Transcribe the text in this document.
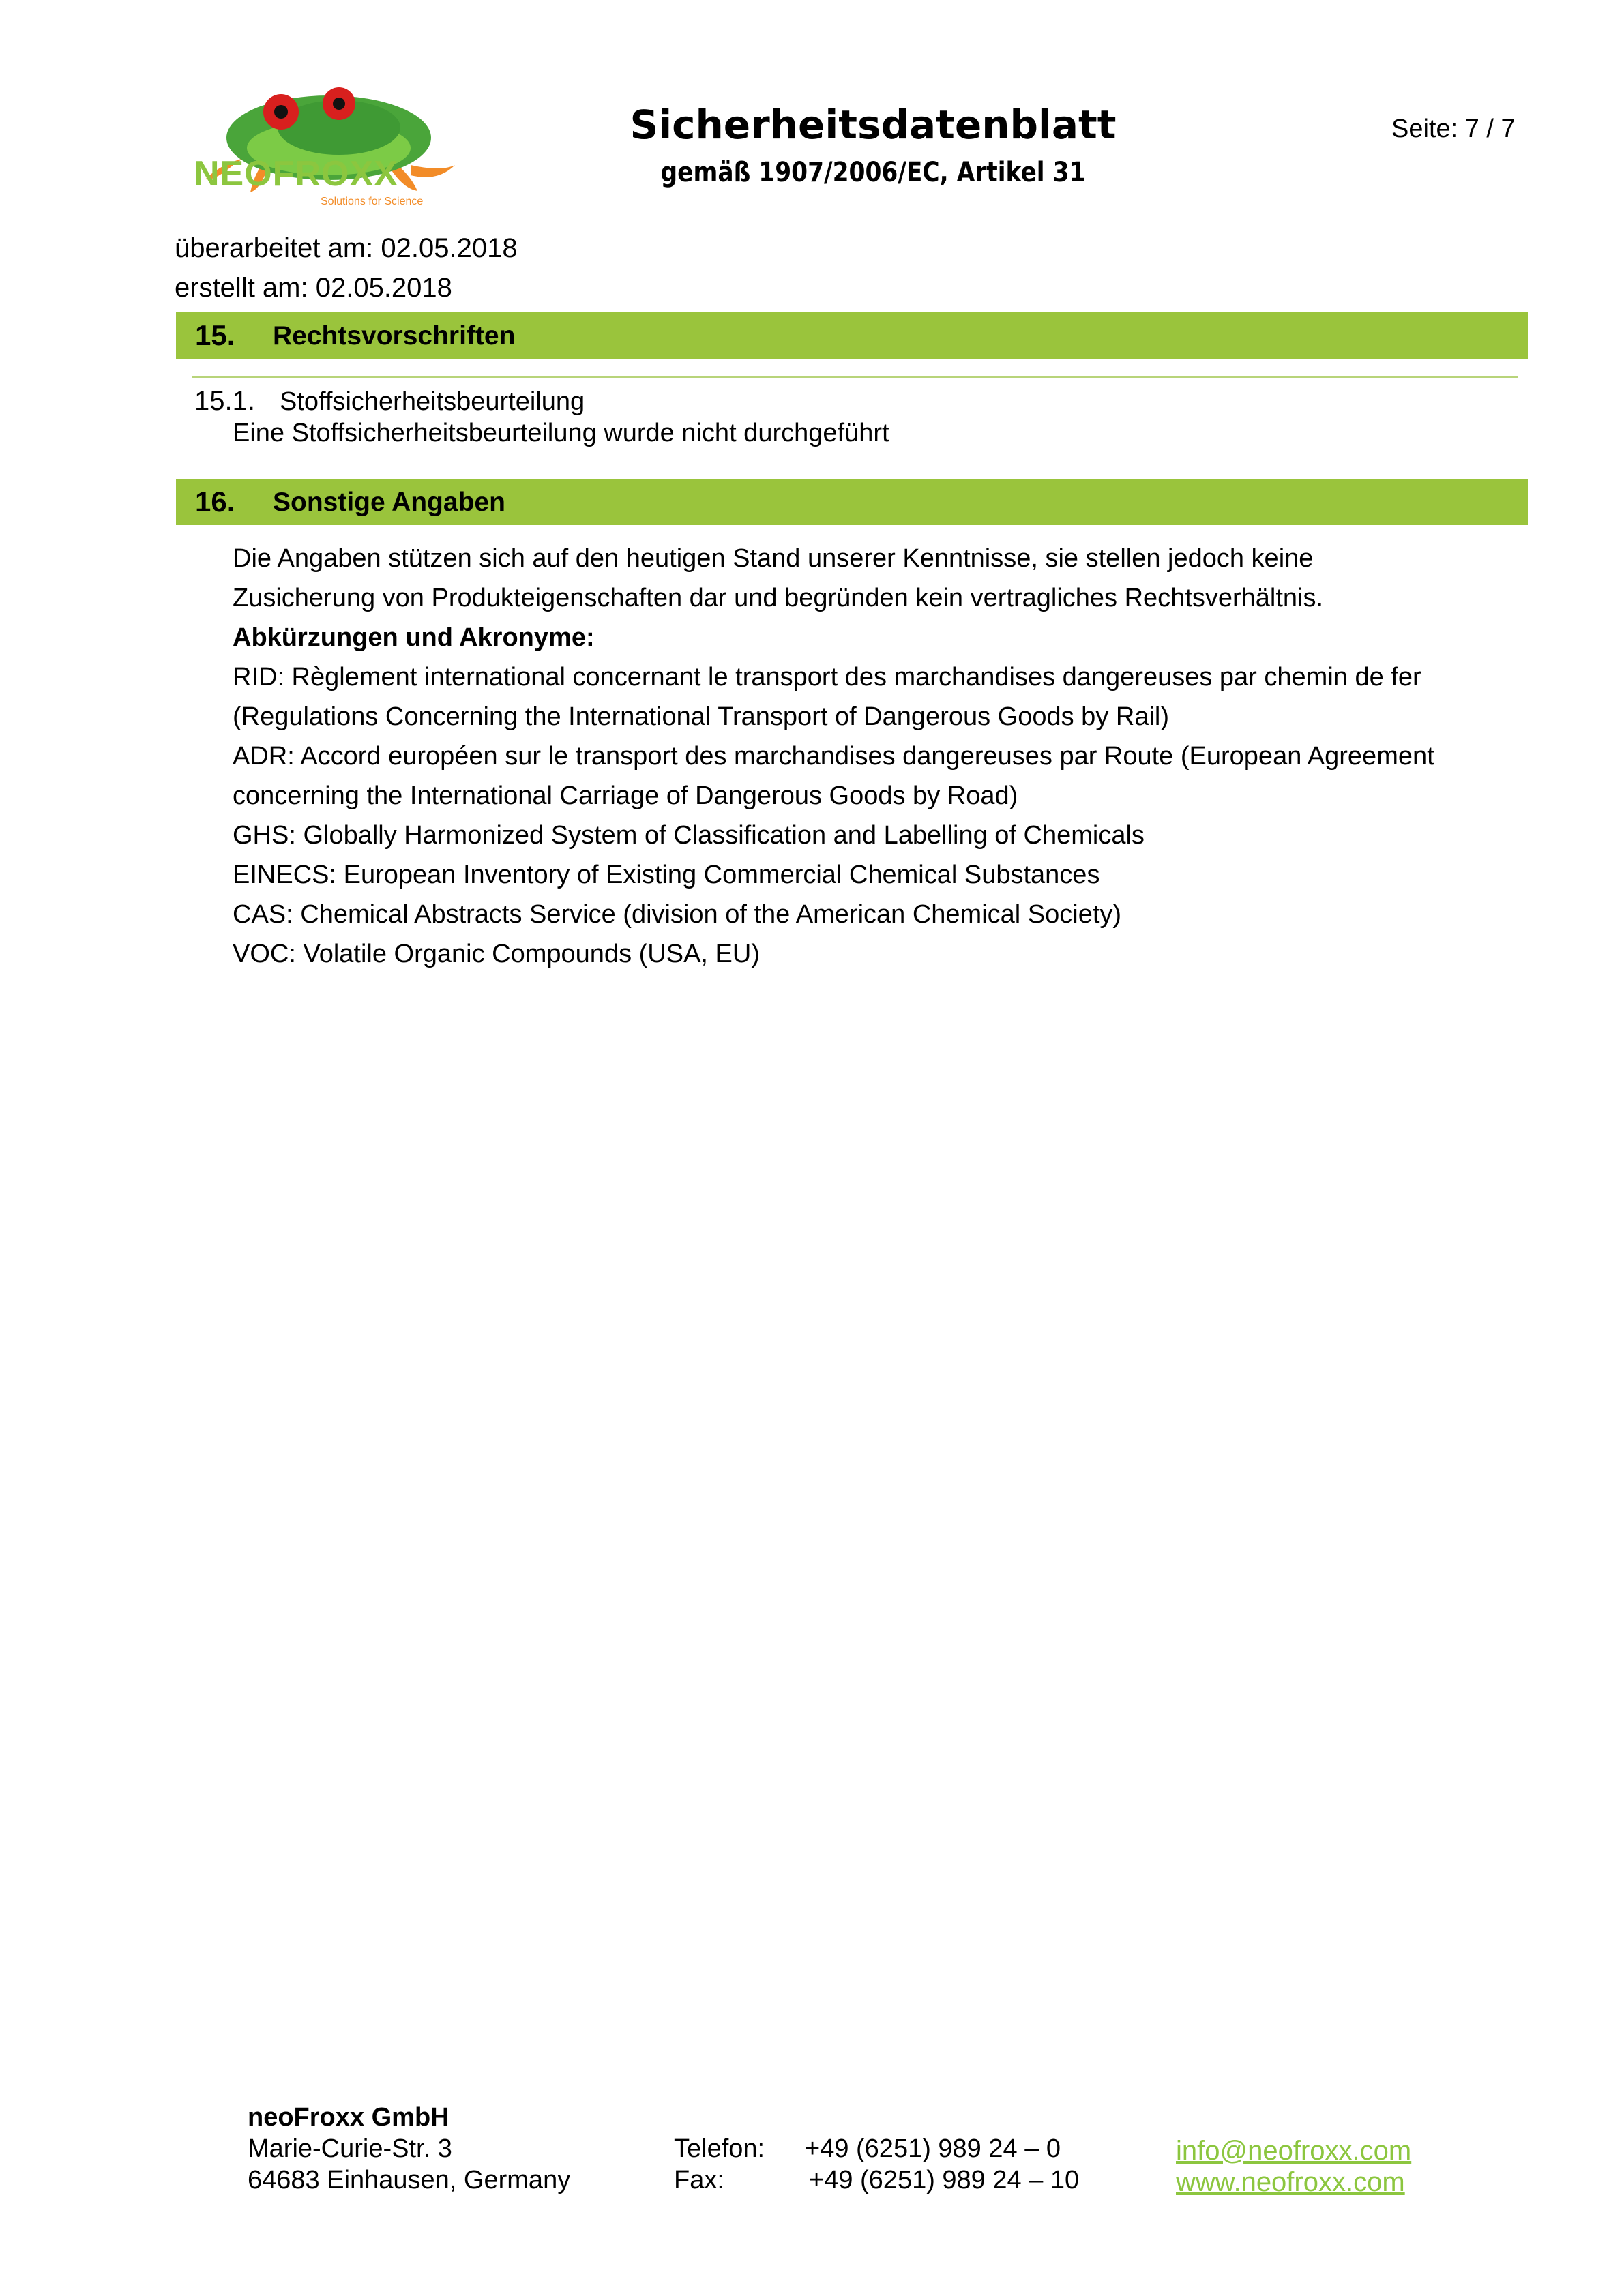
NEOFROXX
Solutions for Science
Sicherheitsdatenblatt
gemäß 1907/2006/EC, Artikel 31
Seite: 7 / 7
überarbeitet am: 02.05.2018
erstellt am: 02.05.2018
15. Rechtsvorschriften
15.1. Stoffsicherheitsbeurteilung
Eine Stoffsicherheitsbeurteilung wurde nicht durchgeführt
16. Sonstige Angaben
Die Angaben stützen sich auf den heutigen Stand unserer Kenntnisse, sie stellen jedoch keine
Zusicherung von Produkteigenschaften dar und begründen kein vertragliches Rechtsverhältnis.
Abkürzungen und Akronyme:
RID: Règlement international concernant le transport des marchandises dangereuses par chemin de fer
(Regulations Concerning the International Transport of Dangerous Goods by Rail)
ADR: Accord européen sur le transport des marchandises dangereuses par Route (European Agreement
concerning the International Carriage of Dangerous Goods by Road)
GHS: Globally Harmonized System of Classification and Labelling of Chemicals
EINECS: European Inventory of Existing Commercial Chemical Substances
CAS: Chemical Abstracts Service (division of the American Chemical Society)
VOC: Volatile Organic Compounds (USA, EU)
neoFroxx GmbH
Marie-Curie-Str. 3
64683 Einhausen, Germany
Telefon: +49 (6251) 989 24 – 0
Fax:	+49 (6251) 989 24 – 10
info@neofroxx.com
www.neofroxx.com
